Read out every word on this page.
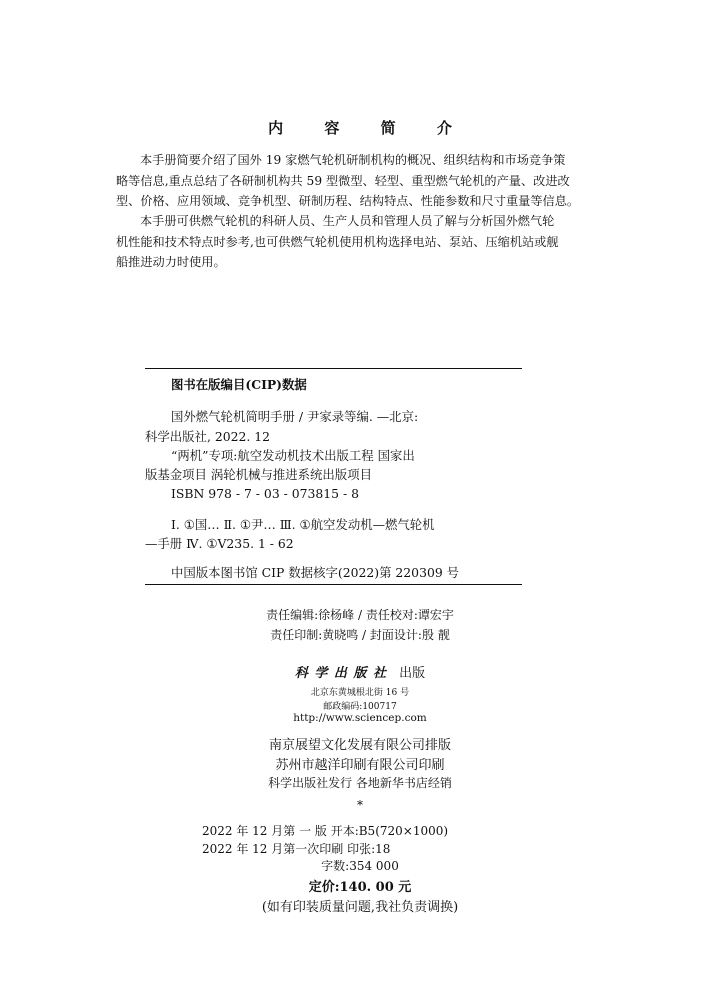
内 容 简 介
本手册简要介绍了国外 19 家燃气轮机研制机构的概况、组织结构和市场竞争策
略等信息,重点总结了各研制机构共 59 型微型、轻型、重型燃气轮机的产量、改进改
型、价格、应用领域、竞争机型、研制历程、结构特点、性能参数和尺寸重量等信息。
本手册可供燃气轮机的科研人员、生产人员和管理人员了解与分析国外燃气轮
机性能和技术特点时参考,也可供燃气轮机使用机构选择电站、泵站、压缩机站或舰
船推进动力时使用。
图书在版编目(CIP)数据
国外燃气轮机简明手册 / 尹家录等编. —北京:
科学出版社, 2022. 12
“两机”专项:航空发动机技术出版工程 国家出
版基金项目 涡轮机械与推进系统出版项目
ISBN 978 - 7 - 03 - 073815 - 8
Ⅰ. ①国… Ⅱ. ①尹… Ⅲ. ①航空发动机—燃气轮机
—手册 Ⅳ. ①V235. 1 - 62
中国版本图书馆 CIP 数据核字(2022)第 220309 号
责任编辑:徐杨峰 / 责任校对:谭宏宇
责任印制:黄晓鸣 / 封面设计:殷 靓
科 学 出 版 社 出版
北京东黄城根北街 16 号
邮政编码:100717
http://www.sciencep.com
南京展望文化发展有限公司排版
苏州市越洋印刷有限公司印刷
科学出版社发行 各地新华书店经销
*
2022 年 12 月第 一 版 开本:B5(720×1000)
2022 年 12 月第一次印刷 印张:18
字数:354 000
定价:140. 00 元
(如有印装质量问题,我社负责调换)
